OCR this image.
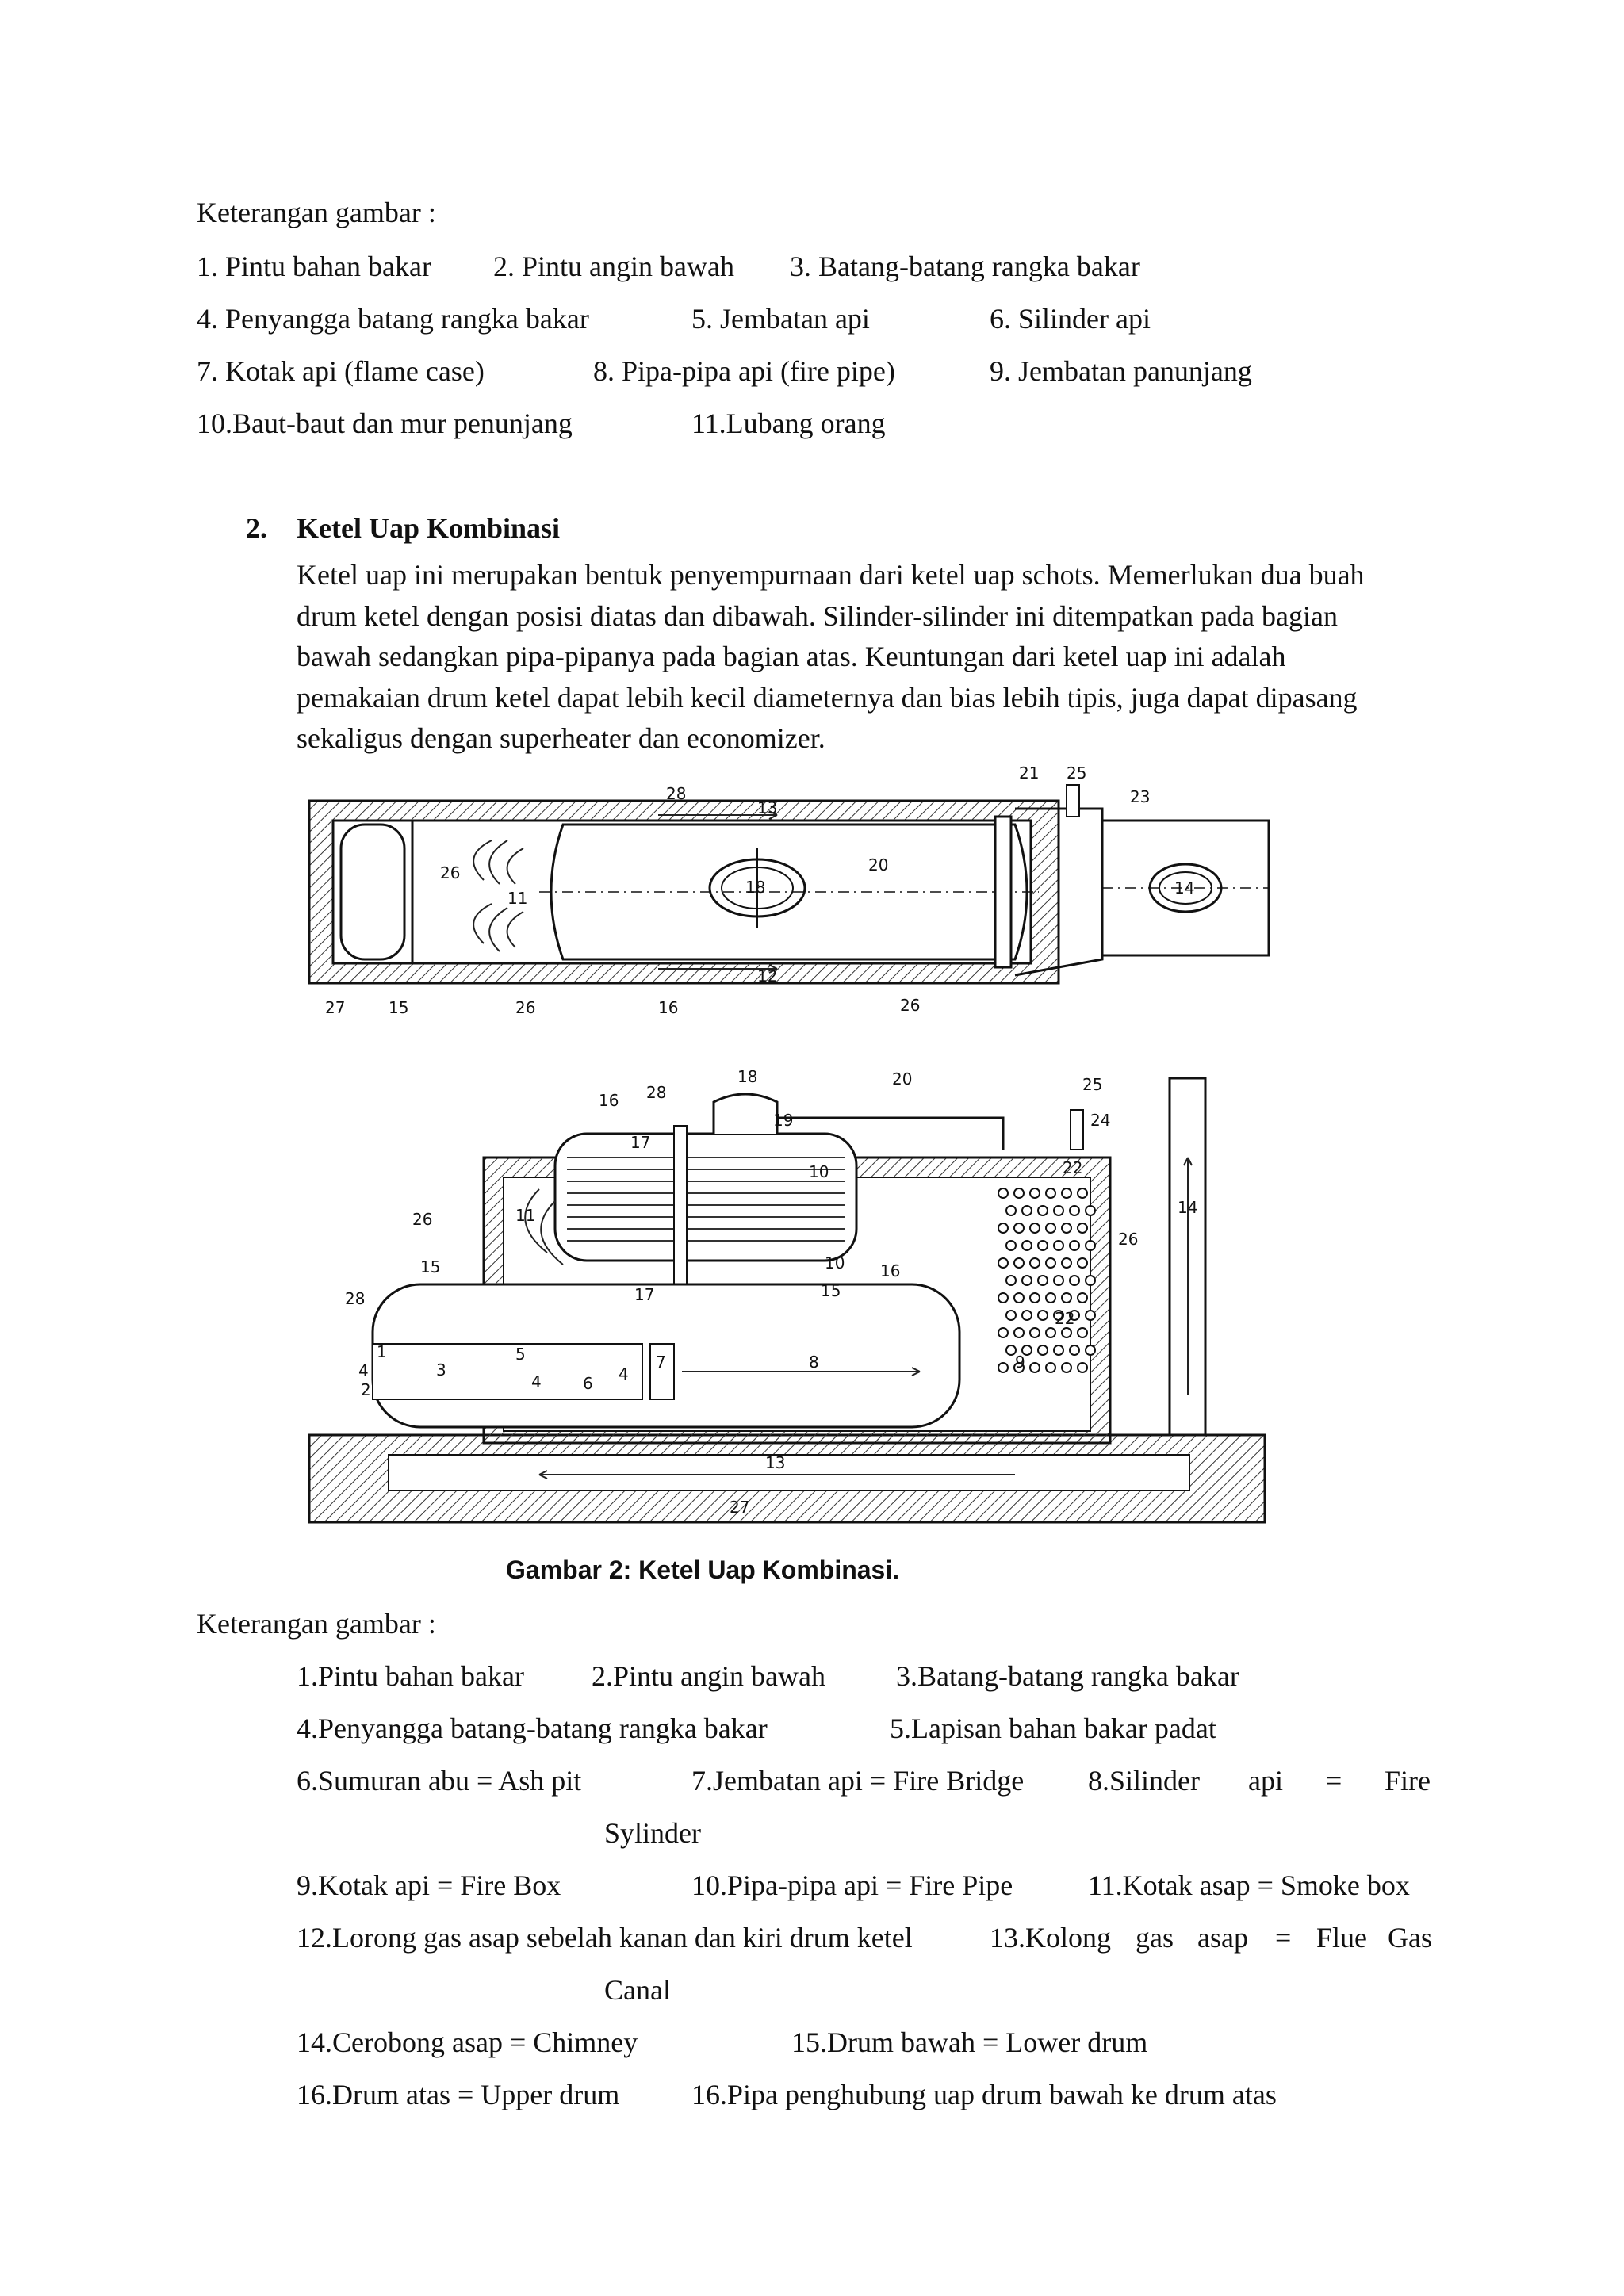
Keterangan gambar :
1. Pintu bahan bakar 2. Pintu angin bawah 3. Batang-batang rangka bakar
4. Penyangga batang rangka bakar	5. Jembatan api	6. Silinder api
7. Kotak api (flame case)	8. Pipa-pipa api (fire pipe)	9. Jembatan panunjang
10.Baut-baut dan mur penunjang	11.Lubang orang
2. Ketel Uap Kombinasi
Ketel uap ini merupakan bentuk penyempurnaan dari ketel uap schots. Memerlukan dua buah
drum ketel dengan posisi diatas dan dibawah. Silinder-silinder ini ditempatkan pada bagian
bawah sedangkan pipa-pipanya pada bagian atas. Keuntungan dari ketel uap ini adalah
pemakaian drum ketel dapat lebih kecil diameternya dan bias lebih tipis, juga dapat dipasang
sekaligus dengan superheater dan economizer.
21 25
23
28
13
26
11
18
20
14
12
27	15	26	16	26
18	20	25
24
16 28
19
17
22
14
10
26	11
26
10 16
17	15
15
28
22
9
1	5
4	3	7	8
2	4	6 4
13
27
Gambar 2: Ketel Uap Kombinasi.
Keterangan gambar :
1.Pintu bahan bakar 2.Pintu angin bawah 3.Batang-batang rangka bakar
4.Penyangga batang-batang rangka bakar	5.Lapisan bahan bakar padat
6.Sumuran abu = Ash pit	7.Jembatan api = Fire Bridge 8.Silinder api = Fire
Sylinder
9.Kotak api = Fire Box	10.Pipa-pipa api = Fire Pipe	11.Kotak asap = Smoke box
12.Lorong gas asap sebelah kanan dan kiri drum ketel	13.Kolong gas asap = Flue Gas
Canal
14.Cerobong asap = Chimney	15.Drum bawah = Lower drum
16.Drum atas = Upper drum	16.Pipa penghubung uap drum bawah ke drum atas
